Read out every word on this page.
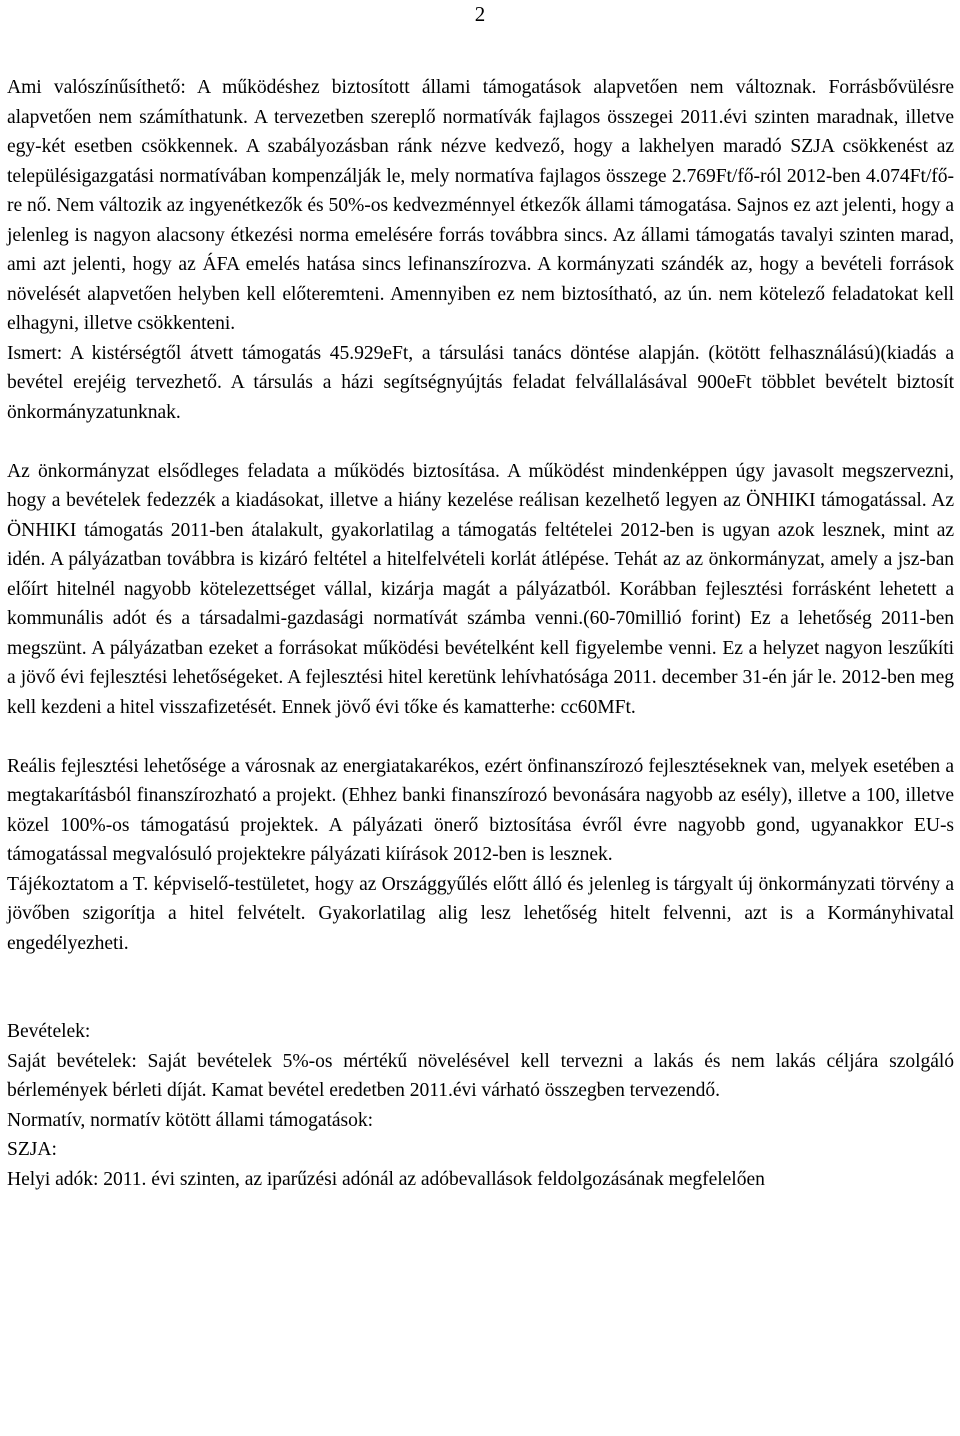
2

Ami valószínűsíthető: A működéshez biztosított állami támogatások alapvetően nem változnak. Forrásbővülésre alapvetően nem számíthatunk. A tervezetben szereplő normatívák fajlagos összegei 2011.évi szinten maradnak, illetve egy-két esetben csökkennek. A szabályozásban ránk nézve kedvező, hogy a lakhelyen maradó SZJA csökkenést az településigazgatási normatívában kompenzálják le, mely normatíva fajlagos összege 2.769Ft/fő-ról 2012-ben 4.074Ft/fő-re nő. Nem változik az ingyenétkezők és 50%-os kedvezménnyel étkezők állami támogatása. Sajnos ez azt jelenti, hogy a jelenleg is nagyon alacsony étkezési norma emelésére forrás továbbra sincs. Az állami támogatás tavalyi szinten marad, ami azt jelenti, hogy az ÁFA emelés hatása sincs lefinanszírozva. A kormányzati szándék az, hogy a bevételi források növelését alapvetően helyben kell előteremteni. Amennyiben ez nem biztosítható, az ún. nem kötelező feladatokat kell elhagyni, illetve csökkenteni.

Ismert: A kistérségtől átvett támogatás 45.929eFt, a társulási tanács döntése alapján. (kötött felhasználású)(kiadás a bevétel erejéig tervezhető. A társulás a házi segítségnyújtás feladat felvállalásával 900eFt többlet bevételt biztosít önkormányzatunknak.

Az önkormányzat elsődleges feladata a működés biztosítása. A működést mindenképpen úgy javasolt megszervezni, hogy a bevételek fedezzék a kiadásokat, illetve a hiány kezelése reálisan kezelhető legyen az ÖNHIKI támogatással. Az ÖNHIKI támogatás 2011-ben átalakult, gyakorlatilag a támogatás feltételei 2012-ben is ugyan azok lesznek, mint az idén. A pályázatban továbbra is kizáró feltétel a hitelfelvételi korlát átlépése. Tehát az az önkormányzat, amely a jsz-ban előírt hitelnél nagyobb kötelezettséget vállal, kizárja magát a pályázatból. Korábban fejlesztési forrásként lehetett a kommunális adót és a társadalmi-gazdasági normatívát számba venni.(60-70millió forint) Ez a lehetőség 2011-ben megszünt. A pályázatban ezeket a forrásokat működési bevételként kell figyelembe venni. Ez a helyzet nagyon leszűkíti a jövő évi fejlesztési lehetőségeket. A fejlesztési hitel keretünk lehívhatósága 2011. december 31-én jár le. 2012-ben meg kell kezdeni a hitel visszafizetését. Ennek jövő évi tőke és kamatterhe: cc60MFt.

Reális fejlesztési lehetősége a városnak az energiatakarékos, ezért önfinanszírozó fejlesztéseknek van, melyek esetében a megtakarításból finanszírozható a projekt. (Ehhez banki finanszírozó bevonására nagyobb az esély), illetve a 100, illetve közel 100%-os támogatású projektek. A pályázati önerő biztosítása évről évre nagyobb gond, ugyanakkor EU-s támogatással megvalósuló projektekre pályázati kiírások 2012-ben is lesznek.

Tájékoztatom a T. képviselő-testületet, hogy az Országgyűlés előtt álló és jelenleg is tárgyalt új önkormányzati törvény a jövőben szigorítja a hitel felvételt. Gyakorlatilag alig lesz lehetőség hitelt felvenni, azt is a Kormányhivatal engedélyezheti.

Bevételek:

Saját bevételek: Saját bevételek 5%-os mértékű növelésével kell tervezni a lakás és nem lakás céljára szolgáló bérlemények bérleti díját. Kamat bevétel eredetben 2011.évi várható összegben tervezendő.

Normatív, normatív kötött állami támogatások:

SZJA:

Helyi adók: 2011. évi szinten, az iparűzési adónál az adóbevallások feldolgozásának megfelelően
